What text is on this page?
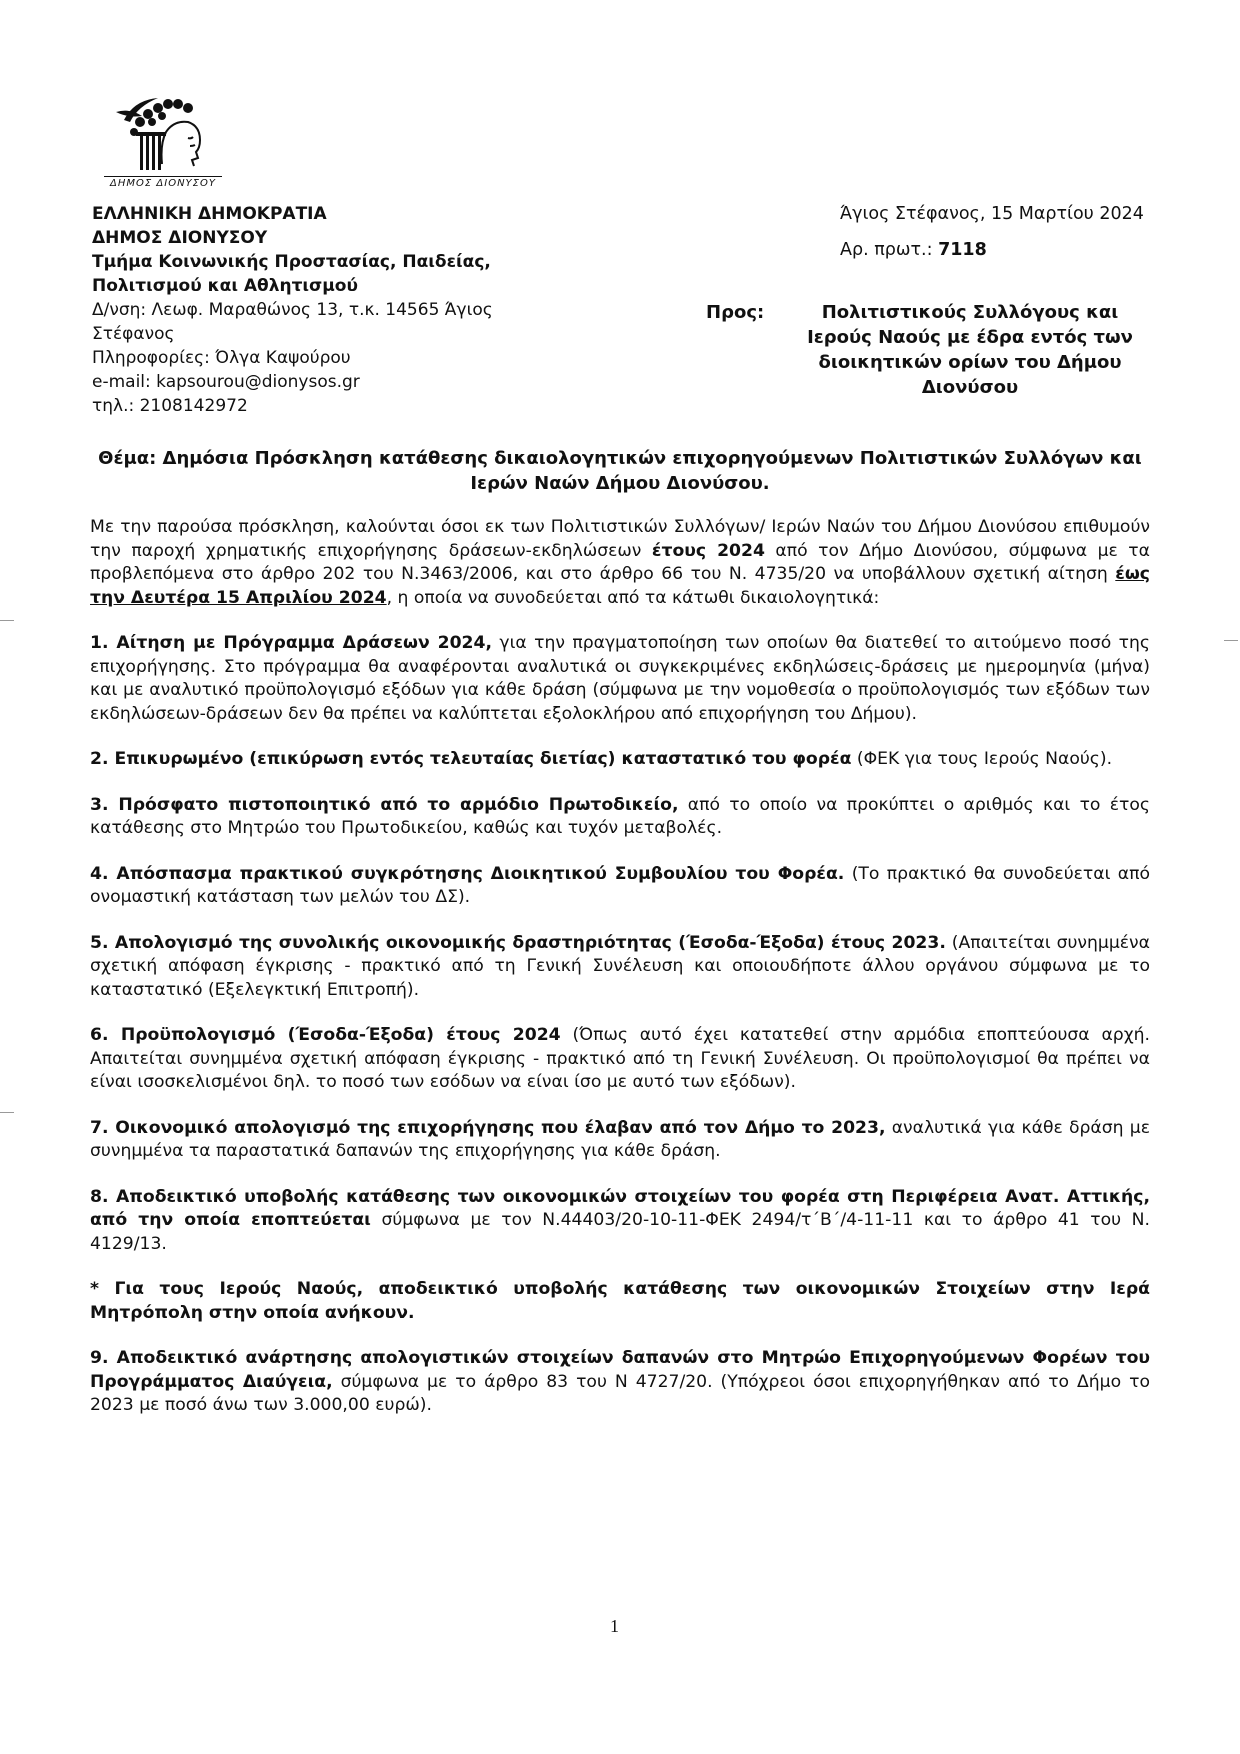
ΔΗΜΟΣ ΔΙΟΝΥΣΟΥ
ΕΛΛΗΝΙΚΗ ΔΗΜΟΚΡΑΤΙΑ
ΔΗΜΟΣ ΔΙΟΝΥΣΟΥ
Τμήμα Κοινωνικής Προστασίας, Παιδείας,
Πολιτισμού και Αθλητισμού
Δ/νση: Λεωφ. Μαραθώνος 13, τ.κ. 14565 Άγιος
Στέφανος
Πληροφορίες: Όλγα Καψούρου
e-mail: kapsourou@dionysos.gr
τηλ.: 2108142972
Άγιος Στέφανος, 15 Μαρτίου 2024
Αρ. πρωτ.: 7118
Προς:	Πολιτιστικούς Συλλόγους και
Ιερούς Ναούς με έδρα εντός των
διοικητικών ορίων του Δήμου
Διονύσου
Θέμα: Δημόσια Πρόσκληση κατάθεσης δικαιολογητικών επιχορηγούμενων Πολιτιστικών Συλλόγων και
Ιερών Ναών Δήμου Διονύσου.

Με την παρούσα πρόσκληση, καλούνται όσοι εκ των Πολιτιστικών Συλλόγων/ Ιερών Ναών του Δήμου Διονύσου επιθυμούν την παροχή χρηματικής επιχορήγησης δράσεων-εκδηλώσεων έτους 2024 από τον Δήμο Διονύσου, σύμφωνα με τα προβλεπόμενα στο άρθρο 202 του Ν.3463/2006, και στο άρθρο 66 του Ν. 4735/20 να υποβάλλουν σχετική αίτηση έως την Δευτέρα 15 Απριλίου 2024, η οποία να συνοδεύεται από τα κάτωθι δικαιολογητικά:

1. Αίτηση με Πρόγραμμα Δράσεων 2024, για την πραγματοποίηση των οποίων θα διατεθεί το αιτούμενο ποσό της επιχορήγησης. Στο πρόγραμμα θα αναφέρονται αναλυτικά οι συγκεκριμένες εκδηλώσεις-δράσεις με ημερομηνία (μήνα) και με αναλυτικό προϋπολογισμό εξόδων για κάθε δράση (σύμφωνα με την νομοθεσία ο προϋπολογισμός των εξόδων των εκδηλώσεων-δράσεων δεν θα πρέπει να καλύπτεται εξολοκλήρου από επιχορήγηση του Δήμου).

2. Επικυρωμένο (επικύρωση εντός τελευταίας διετίας) καταστατικό του φορέα (ΦΕΚ για τους Ιερούς Ναούς).

3. Πρόσφατο πιστοποιητικό από το αρμόδιο Πρωτοδικείο, από το οποίο να προκύπτει ο αριθμός και το έτος κατάθεσης στο Μητρώο του Πρωτοδικείου, καθώς και τυχόν μεταβολές.

4. Απόσπασμα πρακτικού συγκρότησης Διοικητικού Συμβουλίου του Φορέα. (Το πρακτικό θα συνοδεύεται από ονομαστική κατάσταση των μελών του ΔΣ).

5. Απολογισμό της συνολικής οικονομικής δραστηριότητας (Έσοδα-Έξοδα) έτους 2023. (Απαιτείται συνημμένα σχετική απόφαση έγκρισης - πρακτικό από τη Γενική Συνέλευση και οποιουδήποτε άλλου οργάνου σύμφωνα με το καταστατικό (Εξελεγκτική Επιτροπή).

6. Προϋπολογισμό (Έσοδα-Έξοδα) έτους 2024 (Όπως αυτό έχει κατατεθεί στην αρμόδια εποπτεύουσα αρχή. Απαιτείται συνημμένα σχετική απόφαση έγκρισης - πρακτικό από τη Γενική Συνέλευση. Οι προϋπολογισμοί θα πρέπει να είναι ισοσκελισμένοι δηλ. το ποσό των εσόδων να είναι ίσο με αυτό των εξόδων).

7. Οικονομικό απολογισμό της επιχορήγησης που έλαβαν από τον Δήμο το 2023, αναλυτικά για κάθε δράση με συνημμένα τα παραστατικά δαπανών της επιχορήγησης για κάθε δράση.

8. Αποδεικτικό υποβολής κατάθεσης των οικονομικών στοιχείων του φορέα στη Περιφέρεια Ανατ. Αττικής, από την οποία εποπτεύεται σύμφωνα με τον Ν.44403/20-10-11-ΦΕΚ 2494/τ΄Β΄/4-11-11 και το άρθρο 41 του Ν. 4129/13.

* Για τους Ιερούς Ναούς, αποδεικτικό υποβολής κατάθεσης των οικονομικών Στοιχείων στην Ιερά Μητρόπολη στην οποία ανήκουν.

9. Αποδεικτικό ανάρτησης απολογιστικών στοιχείων δαπανών στο Μητρώο Επιχορηγούμενων Φορέων του Προγράμματος Διαύγεια, σύμφωνα με το άρθρο 83 του Ν 4727/20. (Υπόχρεοι όσοι επιχορηγήθηκαν από το Δήμο το 2023 με ποσό άνω των 3.000,00 ευρώ).

1
